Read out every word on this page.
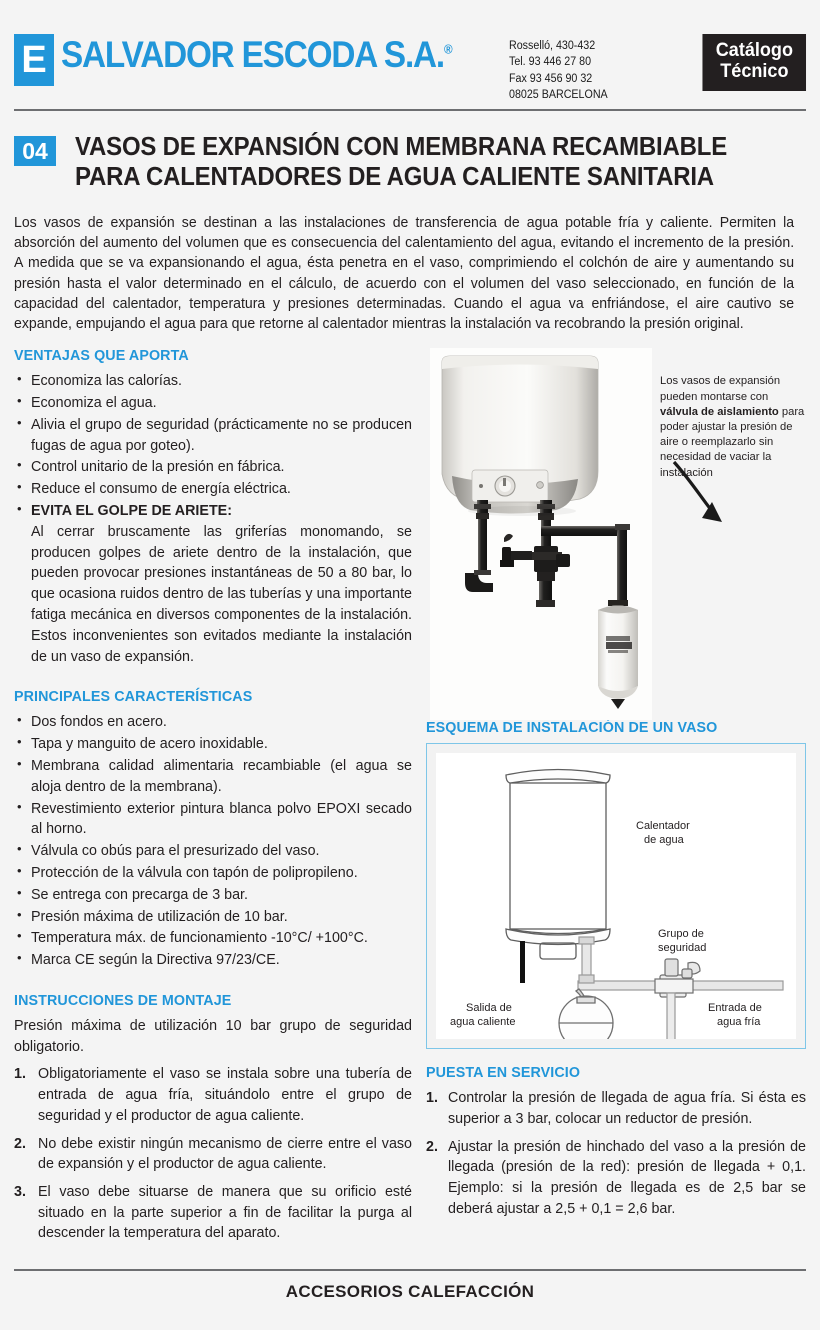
E SALVADOR ESCODA S.A.®	Rosselló, 430-432
Tel. 93 446 27 80
Fax 93 456 90 32
08025 BARCELONA
Catálogo
Técnico
04	VASOS DE EXPANSIÓN CON MEMBRANA RECAMBIABLE
PARA CALENTADORES DE AGUA CALIENTE SANITARIA

Los vasos de expansión se destinan a las instalaciones de transferencia de agua potable fría y caliente. Permiten la absorción del aumento del volumen que es consecuencia del calentamiento del agua, evitando el incremento de la presión. A medida que se va expansionando el agua, ésta penetra en el vaso, comprimiendo el colchón de aire y aumentando su presión hasta el valor determinado en el cálculo, de acuerdo con el volumen del vaso seleccionado, en función de la capacidad del calentador, temperatura y presiones determinadas. Cuando el agua va enfriándose, el aire cautivo se expande, empujando el agua para que retorne al calentador mientras la instalación va recobrando la presión original.

VENTAJAS QUE APORTA
• Economiza las calorías.
• Economiza el agua.
• Alivia el grupo de seguridad (prácticamente no se producen fugas de agua por goteo).
• Control unitario de la presión en fábrica.
• Reduce el consumo de energía eléctrica.
• EVITA EL GOLPE DE ARIETE:
Al cerrar bruscamente las griferías monomando, se producen golpes de ariete dentro de la instalación, que pueden provocar presiones instantáneas de 50 a 80 bar, lo que ocasiona ruidos dentro de las tuberías y una importante fatiga mecánica en diversos componentes de la instalación. Estos inconvenientes son evitados mediante la instalación de un vaso de expansión.
PRINCIPALES CARACTERÍSTICAS
• Dos fondos en acero.
• Tapa y manguito de acero inoxidable.
• Membrana calidad alimentaria recambiable (el agua se aloja dentro de la membrana).
• Revestimiento exterior pintura blanca polvo EPOXI secado al horno.
• Válvula co obús para el presurizado del vaso.
• Protección de la válvula con tapón de polipropileno.
• Se entrega con precarga de 3 bar.
• Presión máxima de utilización de 10 bar.
• Temperatura máx. de funcionamiento -10°C/ +100°C.
• Marca CE según la Directiva 97/23/CE.
INSTRUCCIONES DE MONTAJE

Presión máxima de utilización 10 bar grupo de seguridad obligatorio.

1. Obligatoriamente el vaso se instala sobre una tubería de entrada de agua fría, situándolo entre el grupo de seguridad y el productor de agua caliente.
2. No debe existir ningún mecanismo de cierre entre el vaso de expansión y el productor de agua caliente.
3. El vaso debe situarse de manera que su orificio esté situado en la parte superior a fin de facilitar la purga al descender la temperatura del aparato.
Los vasos de expansión pueden montarse con válvula de aislamiento para poder ajustar la presión de aire o reemplazarlo sin necesidad de vaciar la instalación
ESQUEMA DE INSTALACIÓN DE UN VASO
Calentador
de agua
Grupo de
seguridad
Salida de
agua caliente
Entrada de
agua fría
PUESTA EN SERVICIO
1. Controlar la presión de llegada de agua fría. Si ésta es superior a 3 bar, colocar un reductor de presión.
2. Ajustar la presión de hinchado del vaso a la presión de llegada (presión de la red): presión de llegada + 0,1. Ejemplo: si la presión de llegada es de 2,5 bar se deberá ajustar a 2,5 + 0,1 = 2,6 bar.
ACCESORIOS CALEFACCIÓN
